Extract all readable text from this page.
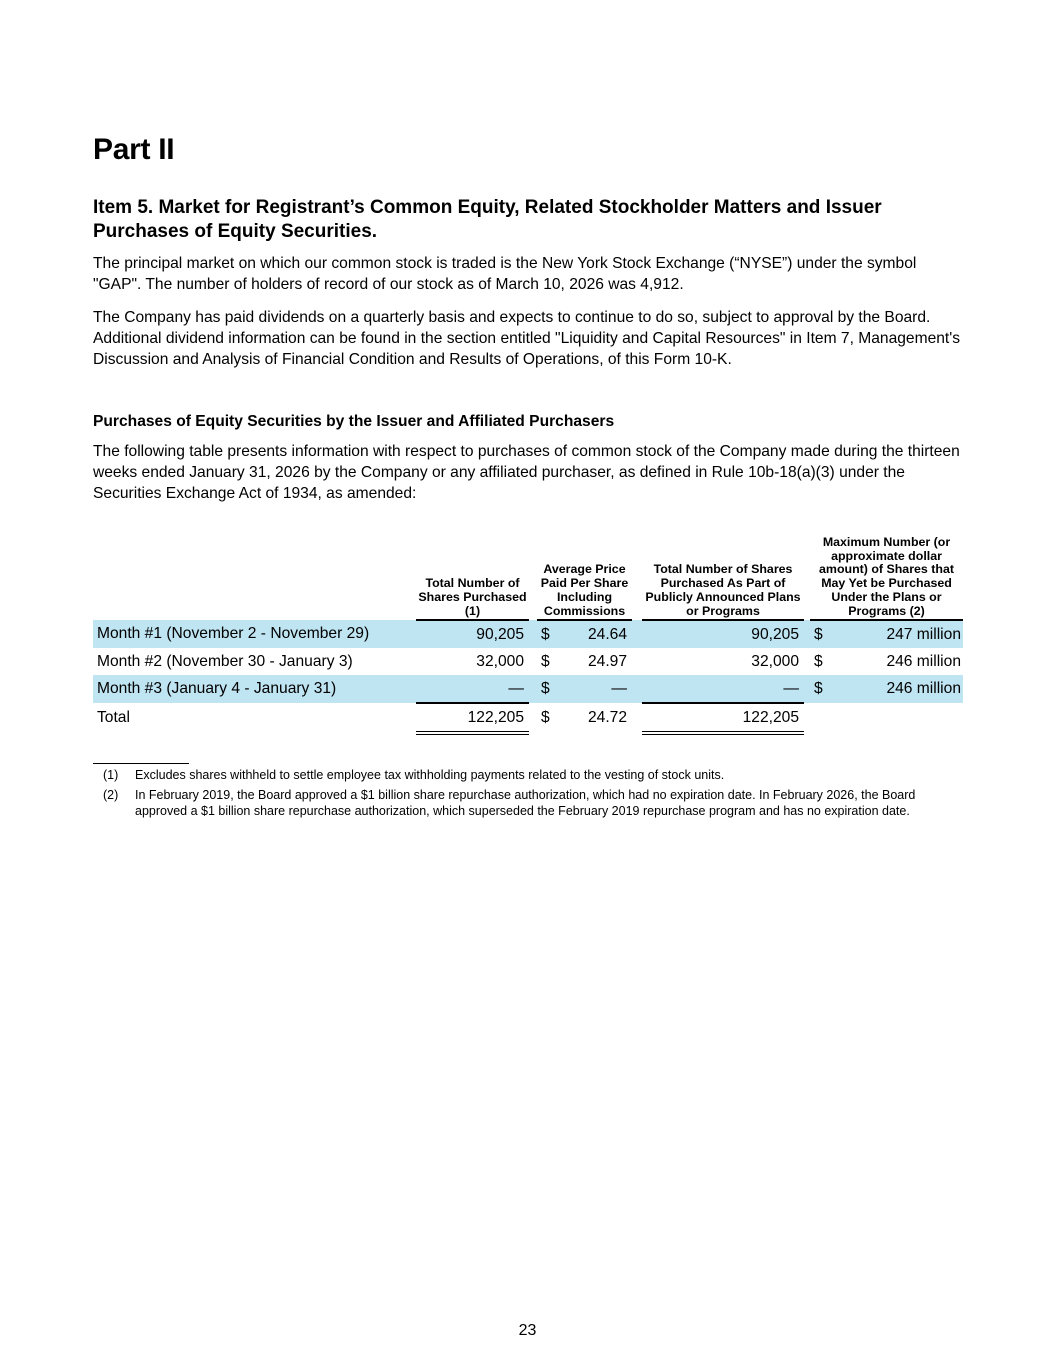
Part II
Item 5. Market for Registrant’s Common Equity, Related Stockholder Matters and Issuer Purchases of Equity Securities.

The principal market on which our common stock is traded is the New York Stock Exchange (“NYSE”) under the symbol "GAP". The number of holders of record of our stock as of March 10, 2026 was 4,912.

The Company has paid dividends on a quarterly basis and expects to continue to do so, subject to approval by the Board. Additional dividend information can be found in the section entitled "Liquidity and Capital Resources" in Item 7, Management's Discussion and Analysis of Financial Condition and Results of Operations, of this Form 10-K.

Purchases of Equity Securities by the Issuer and Affiliated Purchasers

The following table presents information with respect to purchases of common stock of the Company made during the thirteen weeks ended January 31, 2026 by the Company or any affiliated purchaser, as defined in Rule 10b-18(a)(3) under the Securities Exchange Act of 1934, as amended:

	Total Number of Shares Purchased (1)		Average Price Paid Per Share Including Commissions			Total Number of Shares Purchased As Part of Publicly Announced Plans or Programs		Maximum Number (or approximate dollar amount) of Shares that May Yet be Purchased Under the Plans or Programs (2)	
Month #1 (November 2 - November 29)	90,205		$	24.64		90,205		$	247 million
Month #2 (November 30 - January 3)	32,000		$	24.97		32,000		$	246 million
Month #3 (January 4 - January 31)	—		$	—		—		$	246 million
Total	122,205		$	24.72		122,205			
(1)	Excludes shares withheld to settle employee tax withholding payments related to the vesting of stock units.
(2)	In February 2019, the Board approved a $1 billion share repurchase authorization, which had no expiration date. In February 2026, the Board approved a $1 billion share repurchase authorization, which superseded the February 2019 repurchase program and has no expiration date.
23
